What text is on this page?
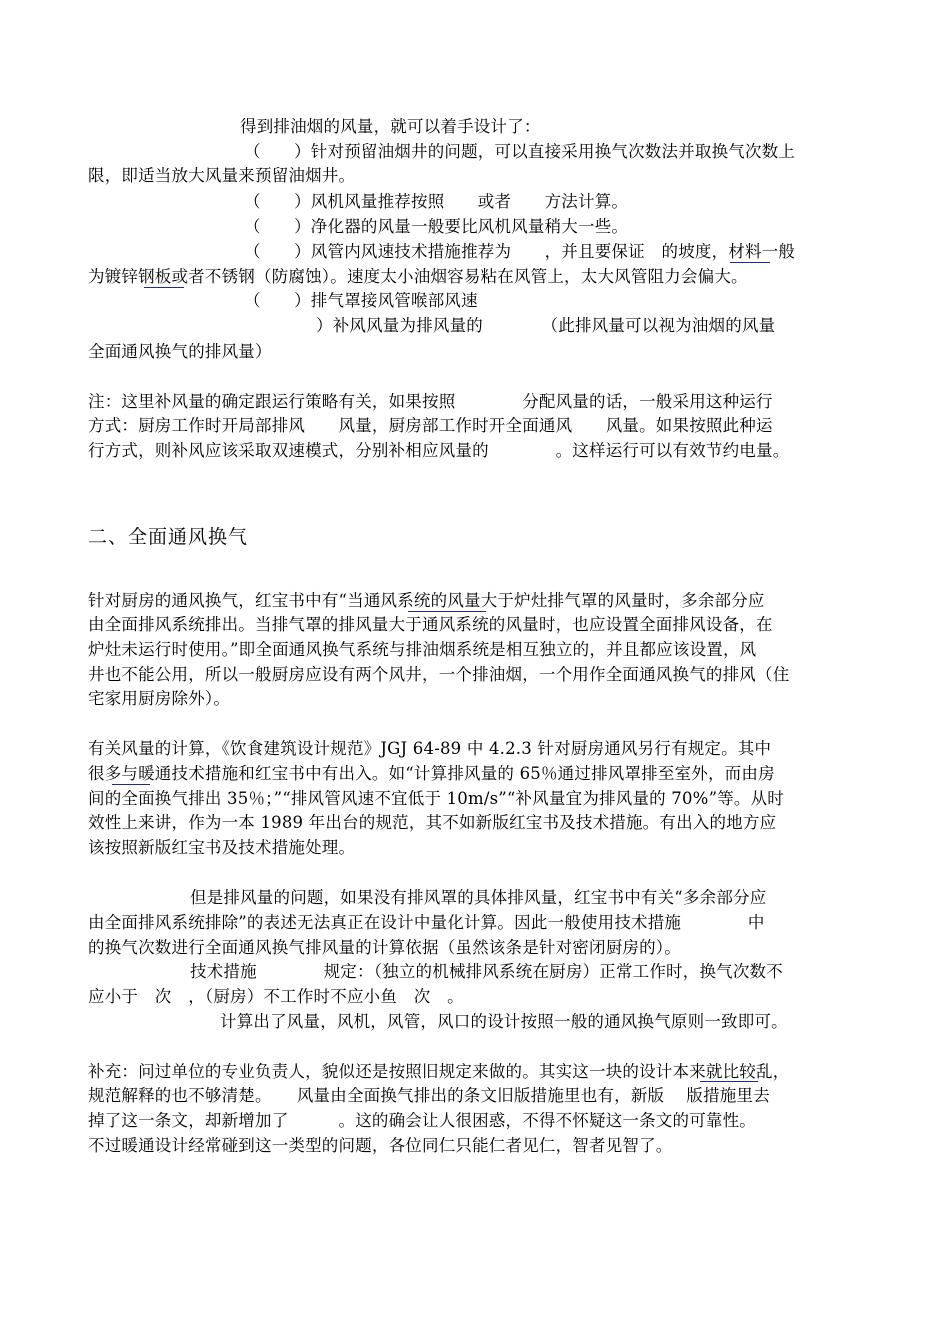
二、全面通风换气
得到排油烟的风量，就可以着手设计了：
（　　）针对预留油烟井的问题，可以直接采用换气次数法并取换气次数上
限，即适当放大风量来预留油烟井。
（　　）风机风量推荐按照　　或者　　方法计算。
（　　）净化器的风量一般要比风机风量稍大一些。
（　　）风管内风速技术措施推荐为　　，并且要保证　的坡度，材料一般
为镀锌钢板或者不锈钢（防腐蚀）。速度太小油烟容易粘在风管上，太大风管阻力会偏大。
（　　）排气罩接风管喉部风速
）补风风量为排风量的　　　　（此排风量可以视为油烟的风量
全面通风换气的排风量）
注：这里补风量的确定跟运行策略有关，如果按照　　　　分配风量的话，一般采用这种运行
方式：厨房工作时开局部排风　　风量，厨房部工作时开全面通风　　风量。如果按照此种运
行方式，则补风应该采取双速模式，分别补相应风量的　　　　。这样运行可以有效节约电量。
针对厨房的通风换气，红宝书中有“当通风系统的风量大于炉灶排气罩的风量时，多余部分应
由全面排风系统排出。当排气罩的排风量大于通风系统的风量时，也应设置全面排风设备，在
炉灶未运行时使用。”即全面通风换气系统与排油烟系统是相互独立的，并且都应该设置，风
井也不能公用，所以一般厨房应设有两个风井，一个排油烟，一个用作全面通风换气的排风（住
宅家用厨房除外）。
有关风量的计算，《饮食建筑设计规范》JGJ 64-89 中 4.2.3 针对厨房通风另行有规定。其中
很多与暖通技术措施和红宝书中有出入。如“计算排风量的 65％通过排风罩排至室外，而由房
间的全面换气排出 35％；”“排风管风速不宜低于 10m/s”“补风量宜为排风量的 70%”等。从时
效性上来讲，作为一本 1989 年出台的规范，其不如新版红宝书及技术措施。有出入的地方应
该按照新版红宝书及技术措施处理。
但是排风量的问题，如果没有排风罩的具体排风量，红宝书中有关“多余部分应
由全面排风系统排除”的表述无法真正在设计中量化计算。因此一般使用技术措施　　　　中
的换气次数进行全面通风换气排风量的计算依据（虽然该条是针对密闭厨房的）。
技术措施　　　　规定：（独立的机械排风系统在厨房）正常工作时，换气次数不
应小于　次　，（厨房）不工作时不应小鱼　次　。
计算出了风量，风机，风管，风口的设计按照一般的通风换气原则一致即可。
补充：问过单位的专业负责人，貌似还是按照旧规定来做的。其实这一块的设计本来就比较乱，
规范解释的也不够清楚。　　风量由全面换气排出的条文旧版措施里也有，新版　 版措施里去
掉了这一条文，却新增加了　　　。这的确会让人很困惑，不得不怀疑这一条文的可靠性。
不过暖通设计经常碰到这一类型的问题，各位同仁只能仁者见仁，智者见智了。
